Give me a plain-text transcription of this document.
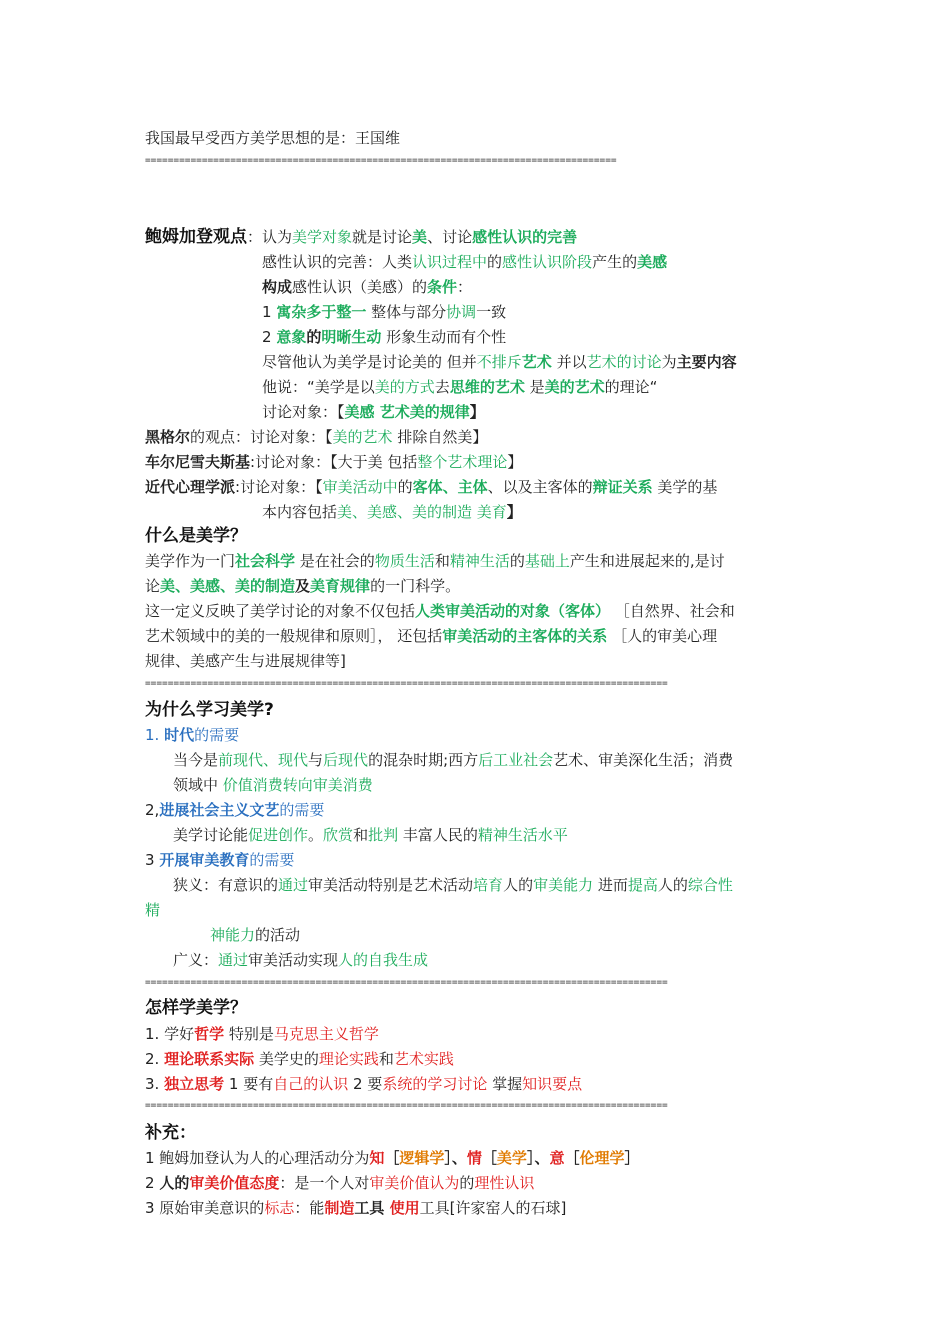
我国最早受西方美学思想的是：王国维
===================================================================================
鲍姆加登观点：认为美学对象就是讨论美、讨论感性认识的完善
感性认识的完善：人类认识过程中的感性认识阶段产生的美感
构成感性认识（美感）的条件：
1 寓杂多于整一 整体与部分协调一致
2 意象的明晰生动 形象生动而有个性
尽管他认为美学是讨论美的 但并不排斥艺术 并以艺术的讨论为主要内容
他说：“美学是以美的方式去思维的艺术 是美的艺术的理论“
讨论对象：【美感 艺术美的规律】
黑格尔的观点：讨论对象：【美的艺术 排除自然美】
车尔尼雪夫斯基:讨论对象：【大于美 包括整个艺术理论】
近代心理学派:讨论对象：【审美活动中的客体、主体、以及主客体的辩证关系 美学的基
本内容包括美、美感、美的制造 美育】
什么是美学？
美学作为一门社会科学 是在社会的物质生活和精神生活的基础上产生和进展起来的,是讨
论美、美感、美的制造及美育规律的一门科学。
这一定义反映了美学讨论的对象不仅包括人类审美活动的对象（客体） ［自然界、社会和
艺术领域中的美的一般规律和原则］， 还包括审美活动的主客体的关系 ［人的审美心理
规律、美感产生与进展规律等]
============================================================================================
为什么学习美学?
1. 时代的需要
当今是前现代、现代与后现代的混杂时期;西方后工业社会艺术、审美深化生活；消费
领域中 价值消费转向审美消费
2,进展社会主义文艺的需要
美学讨论能促进创作。欣赏和批判 丰富人民的精神生活水平
3 开展审美教育的需要
狭义：有意识的通过审美活动特别是艺术活动培育人的审美能力 进而提高人的综合性
精
神能力的活动
广义：通过审美活动实现人的自我生成
============================================================================================
怎样学美学？
1. 学好哲学 特别是马克思主义哲学
2. 理论联系实际 美学史的理论实践和艺术实践
3. 独立思考 1 要有自己的认识 2 要系统的学习讨论 掌握知识要点
============================================================================================
补充：
1 鲍姆加登认为人的心理活动分为知［逻辑学］、情［美学］、意［伦理学］
2 人的审美价值态度：是一个人对审美价值认为的理性认识
3 原始审美意识的标志：能制造工具 使用工具[许家窑人的石球]
